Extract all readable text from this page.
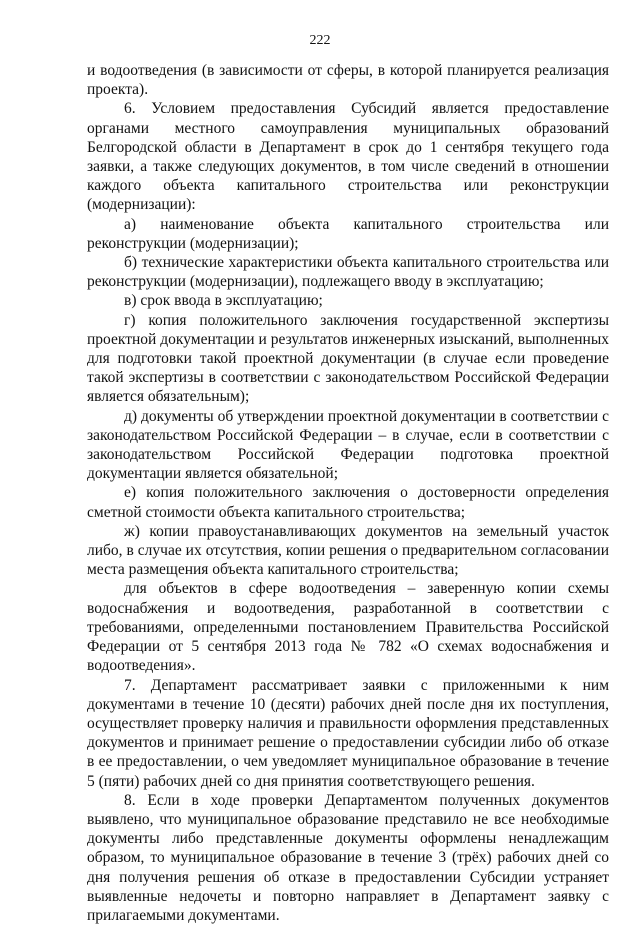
222

и водоотведения (в зависимости от сферы, в которой планируется реализация проекта).

6. Условием предоставления Субсидий является предоставление органами местного самоуправления муниципальных образований Белгородской области в Департамент в срок до 1 сентября текущего года заявки, а также следующих документов, в том числе сведений в отношении каждого объекта капитального строительства или реконструкции (модернизации):

а) наименование объекта капитального строительства или реконструкции (модернизации);

б) технические характеристики объекта капитального строительства или реконструкции (модернизации), подлежащего вводу в эксплуатацию;

в) срок ввода в эксплуатацию;

г) копия положительного заключения государственной экспертизы проектной документации и результатов инженерных изысканий, выполненных для подготовки такой проектной документации (в случае если проведение такой экспертизы в соответствии с законодательством Российской Федерации является обязательным);

д) документы об утверждении проектной документации в соответствии с законодательством Российской Федерации – в случае, если в соответствии с законодательством Российской Федерации подготовка проектной документации является обязательной;

е) копия положительного заключения о достоверности определения сметной стоимости объекта капитального строительства;

ж) копии правоустанавливающих документов на земельный участок либо, в случае их отсутствия, копии решения о предварительном согласовании места размещения объекта капитального строительства;

для объектов в сфере водоотведения – заверенную копии схемы водоснабжения и водоотведения, разработанной в соответствии с требованиями, определенными постановлением Правительства Российской Федерации от 5 сентября 2013 года № 782 «О схемах водоснабжения и водоотведения».

7. Департамент рассматривает заявки с приложенными к ним документами в течение 10 (десяти) рабочих дней после дня их поступления, осуществляет проверку наличия и правильности оформления представленных документов и принимает решение о предоставлении субсидии либо об отказе в ее предоставлении, о чем уведомляет муниципальное образование в течение 5 (пяти) рабочих дней со дня принятия соответствующего решения.

8. Если в ходе проверки Департаментом полученных документов выявлено, что муниципальное образование представило не все необходимые документы либо представленные документы оформлены ненадлежащим образом, то муниципальное образование в течение 3 (трёх) рабочих дней со дня получения решения об отказе в предоставлении Субсидии устраняет выявленные недочеты и повторно направляет в Департамент заявку с прилагаемыми документами.
